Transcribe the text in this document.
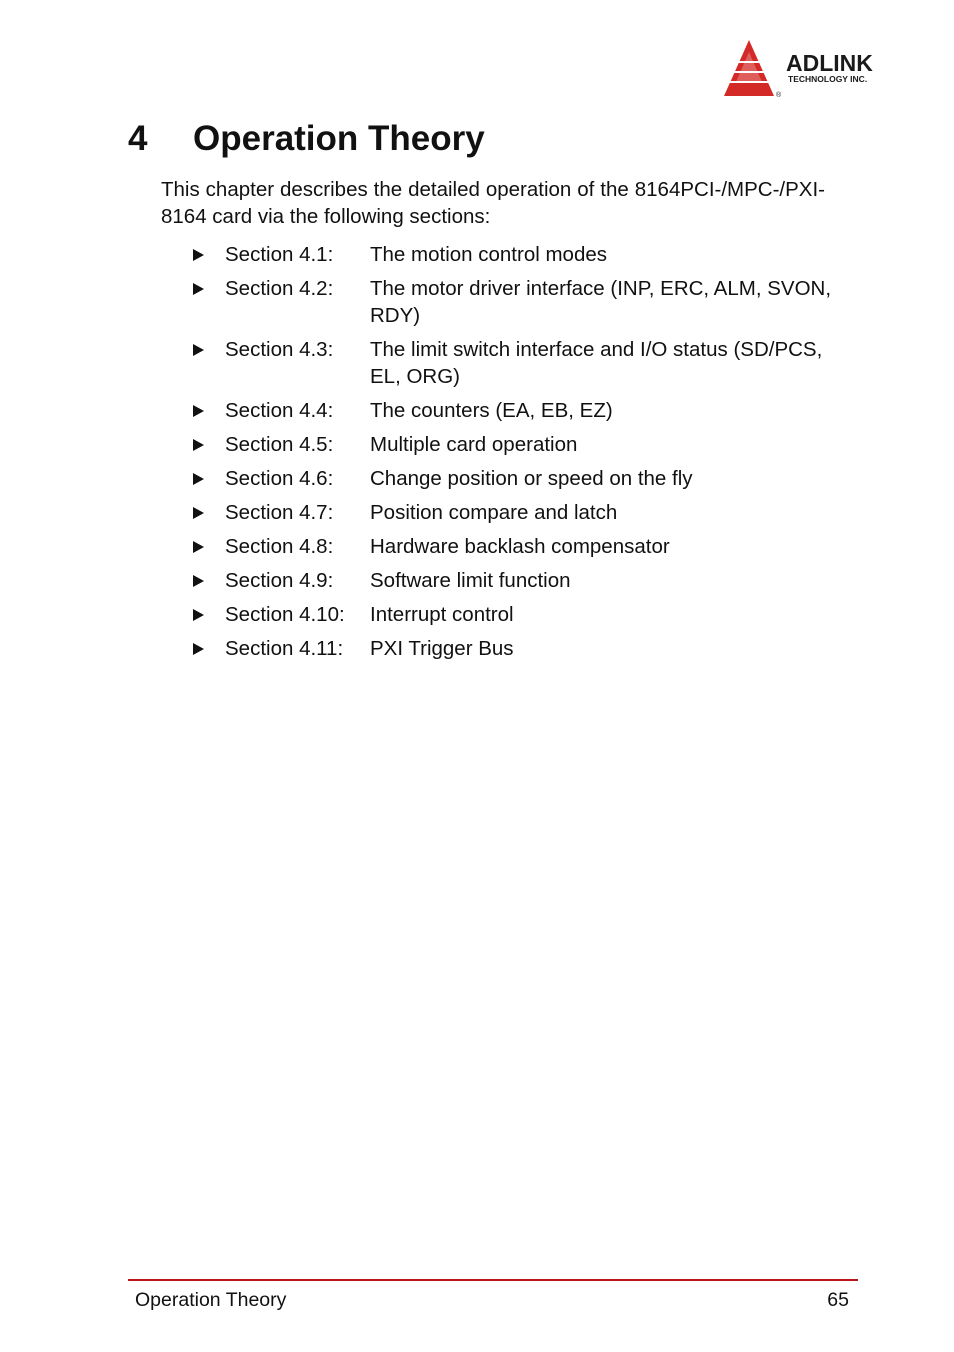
ADLINK
TECHNOLOGY INC.
®
4 Operation Theory

This chapter describes the detailed operation of the 8164PCI-/MPC-/PXI-8164 card via the following sections:

Section 4.1: The motion control modes
Section 4.2: The motor driver interface (INP, ERC, ALM, SVON, RDY)
Section 4.3: The limit switch interface and I/O status (SD/PCS, EL, ORG)
Section 4.4: The counters (EA, EB, EZ)
Section 4.5: Multiple card operation
Section 4.6: Change position or speed on the fly
Section 4.7: Position compare and latch
Section 4.8: Hardware backlash compensator
Section 4.9: Software limit function
Section 4.10: Interrupt control
Section 4.11: PXI Trigger Bus
Operation Theory	65
